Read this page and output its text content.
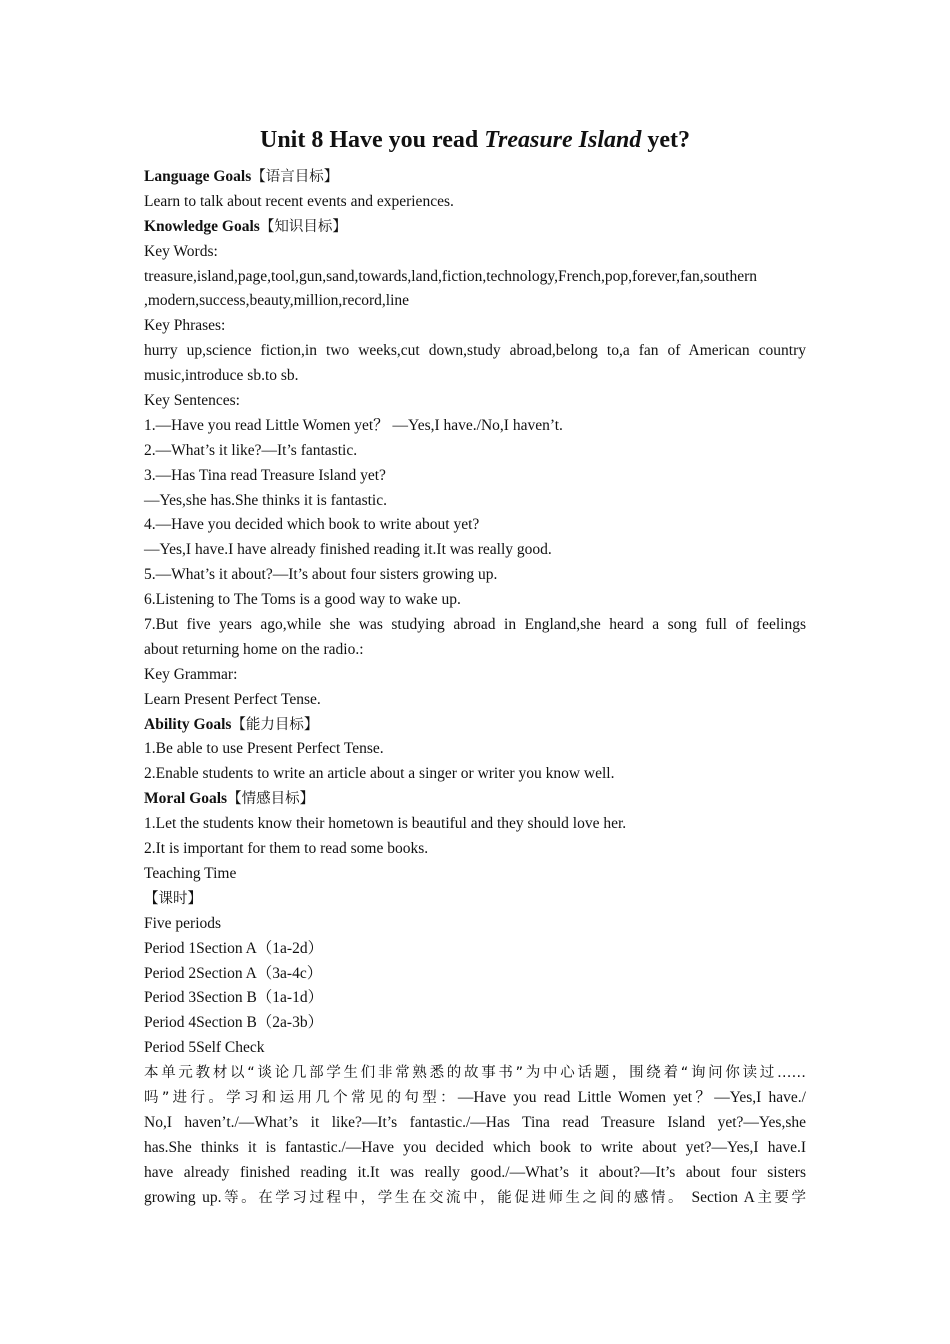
Unit 8 Have you read Treasure Island yet?
Language Goals【语言目标】
Learn to talk about recent events and experiences.
Knowledge Goals【知识目标】
Key Words:
treasure,island,page,tool,gun,sand,towards,land,fiction,technology,French,pop,forever,fan,southern
,modern,success,beauty,million,record,line
Key Phrases:
hurry up,science fiction,in two weeks,cut down,study abroad,belong to,a fan of American country
music,introduce sb.to sb.
Key Sentences:
1.—Have you read Little Women yet？ —Yes,I have./No,I haven’t.
2.—What’s it like?—It’s fantastic.
3.—Has Tina read Treasure Island yet?
—Yes,she has.She thinks it is fantastic.
4.—Have you decided which book to write about yet?
—Yes,I have.I have already finished reading it.It was really good.
5.—What’s it about?—It’s about four sisters growing up.
6.Listening to The Toms is a good way to wake up.
7.But five years ago,while she was studying abroad in England,she heard a song full of feelings
about returning home on the radio.:
Key Grammar:
Learn Present Perfect Tense.
Ability Goals【能力目标】
1.Be able to use Present Perfect Tense.
2.Enable students to write an article about a singer or writer you know well.
Moral Goals【情感目标】
1.Let the students know their hometown is beautiful and they should love her.
2.It is important for them to read some books.
Teaching Time
【课时】
Five periods
Period 1Section A（1a-2d）
Period 2Section A（3a-4c）
Period 3Section B（1a-1d）
Period 4Section B（2a-3b）
Period 5Self Check
本单元教材以“谈论几部学生们非常熟悉的故事书”为中心话题，围绕着“询问你读过……
吗”进行。学习和运用几个常见的句型：—Have you read Little Women yet？—Yes,I have./
No,I haven’t./—What’s it like?—It’s fantastic./—Has Tina read Treasure Island yet?—Yes,she
has.She thinks it is fantastic./—Have you decided which book to write about yet?—Yes,I have.I
have already finished reading it.It was really good./—What’s it about?—It’s about four sisters
growing up.等。在学习过程中，学生在交流中，能促进师生之间的感情。 Section A主要学
